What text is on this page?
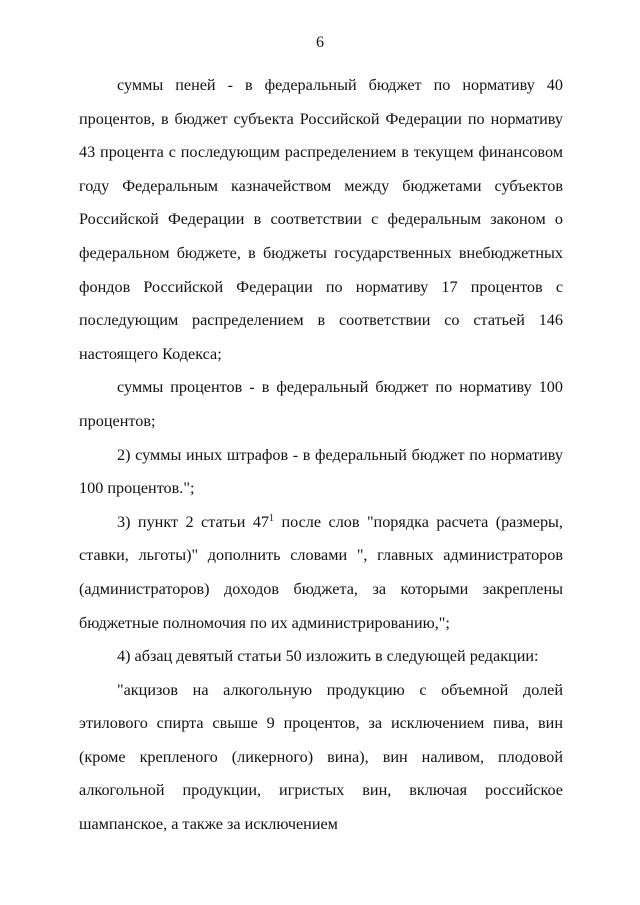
6

суммы пеней - в федеральный бюджет по нормативу 40 процентов, в бюджет субъекта Российской Федерации по нормативу 43 процента с последующим распределением в текущем финансовом году Федеральным казначейством между бюджетами субъектов Российской Федерации в соответствии с федеральным законом о федеральном бюджете, в бюджеты государственных внебюджетных фондов Российской Федерации по нормативу 17 процентов с последующим распределением в соответствии со статьей 146 настоящего Кодекса;

суммы процентов - в федеральный бюджет по нормативу 100 процентов;

2) суммы иных штрафов - в федеральный бюджет по нормативу 100 процентов.";

3) пункт 2 статьи $47^1$ после слов "порядка расчета (размеры, ставки, льготы)" дополнить словами ", главных администраторов (администраторов) доходов бюджета, за которыми закреплены бюджетные полномочия по их администрированию,";

4) абзац девятый статьи 50 изложить в следующей редакции:

"акцизов на алкогольную продукцию с объемной долей этилового спирта свыше 9 процентов, за исключением пива, вин (кроме крепленого (ликерного) вина), вин наливом, плодовой алкогольной продукции, игристых вин, включая российское шампанское, а также за исключением
